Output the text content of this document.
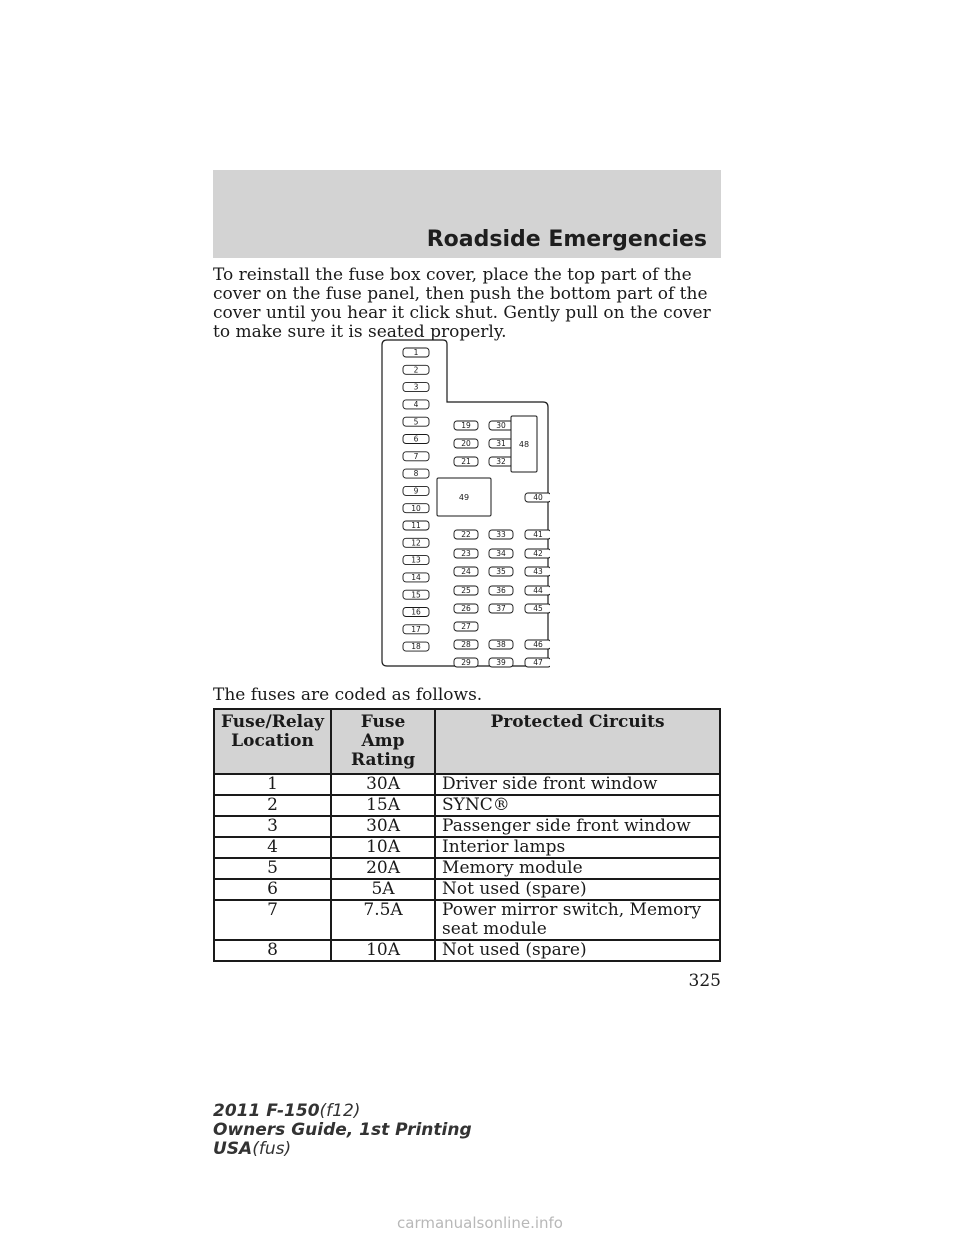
Roadside Emergencies

To reinstall the fuse box cover, place the top part of the cover on the fuse panel, then push the bottom part of the cover until you hear it click shut. Gently pull on the cover to make sure it is seated properly.

1
2
3
4
5
6
7
8
9
10
11
12
13
14
15
16
17
18
19
20
21
22
23
24
25
26
27
28
29
30
31
32
33
34
35
36
37
38
39
40
41
42
43
44
45
46
47
48
49

The fuses are coded as follows.

Fuse/Relay Location	Fuse Amp Rating	Protected Circuits
1	30A	Driver side front window
2	15A	SYNC®
3	30A	Passenger side front window
4	10A	Interior lamps
5	20A	Memory module
6	5A	Not used (spare)
7	7.5A	Power mirror switch, Memory seat module
8	10A	Not used (spare)
325
2011 F-150(f12)
Owners Guide, 1st Printing
USA(fus)
carmanualsonline.info
